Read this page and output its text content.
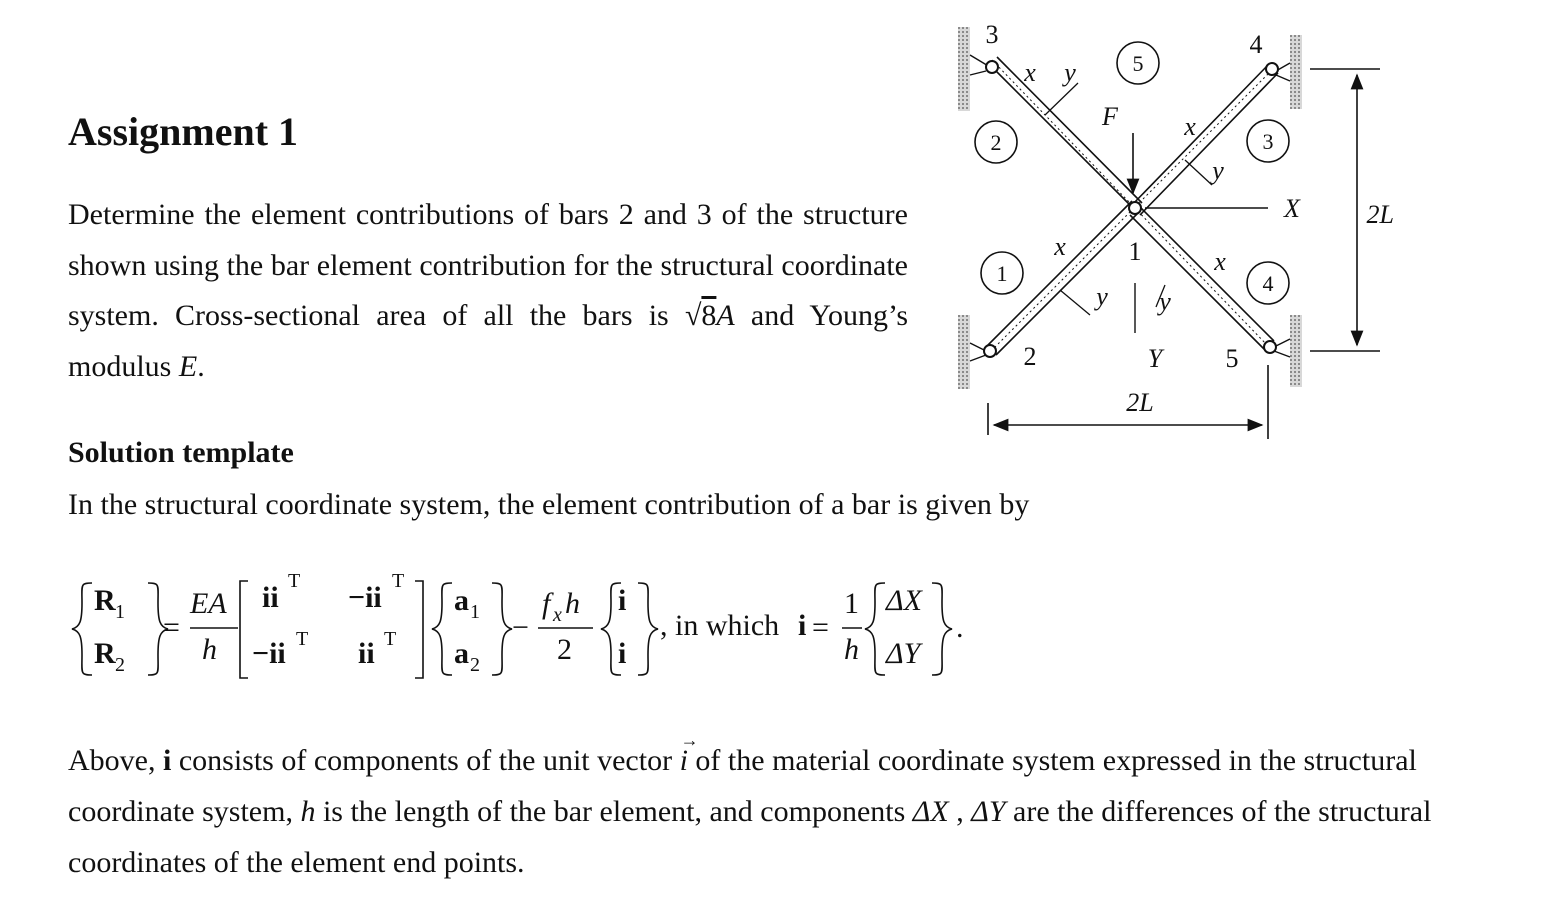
Assignment 1
Determine the element contributions of bars 2 and 3 of the structure shown using the bar element contribution for the structural coordinate system. Cross-sectional area of all the bars is √8A and Young’s modulus E.
Solution template
In the structural coordinate system, the element contribution of a bar is given by
R 1
R 2
=
EA
h
ii T −ii T
−ii T ii T
a 1
a 2
−
f x h
2
i
i
, in which i =
1
h
ΔX
ΔY
.
Above, i consists of components of the unit vector i → of the material coordinate system expressed in the structural coordinate system, h is the length of the bar element, and components ΔX , ΔY are the differences of the structural coordinates of the element end points.
5
2	3
1	4
3	4
1
2	5
x y
x
y
x
y
x
y
F
X
Y
2L
2L
